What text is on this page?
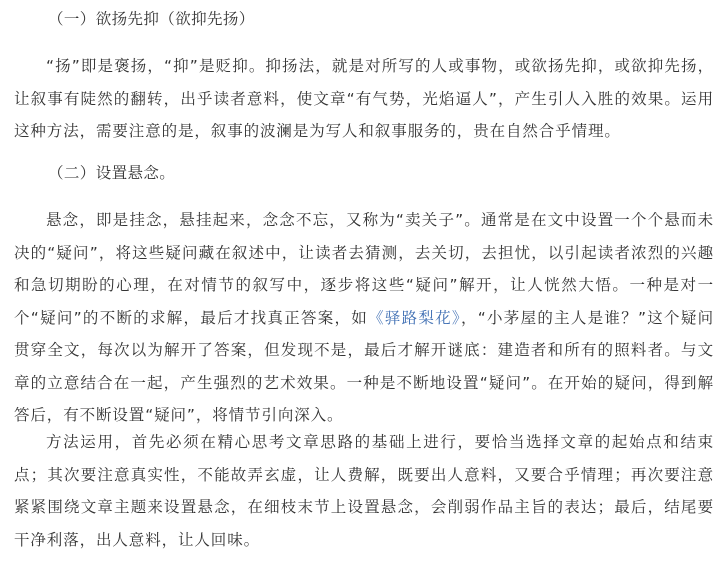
（一）欲扬先抑（欲抑先扬）

“扬”即是褒扬，“抑”是贬抑。抑扬法，就是对所写的人或事物，或欲扬先抑，或欲抑先扬，让叙事有陡然的翻转，出乎读者意料，使文章“有气势，光焰逼人”，产生引人入胜的效果。运用这种方法，需要注意的是，叙事的波澜是为写人和叙事服务的，贵在自然合乎情理。

（二）设置悬念。

悬念，即是挂念，悬挂起来，念念不忘，又称为“卖关子”。通常是在文中设置一个个悬而未决的“疑问”，将这些疑问藏在叙述中，让读者去猜测，去关切，去担忧，以引起读者浓烈的兴趣和急切期盼的心理，在对情节的叙写中，逐步将这些“疑问”解开，让人恍然大悟。一种是对一个“疑问”的不断的求解，最后才找真正答案，如《驿路梨花》，“小茅屋的主人是谁？”这个疑问贯穿全文，每次以为解开了答案，但发现不是，最后才解开谜底：建造者和所有的照料者。与文章的立意结合在一起，产生强烈的艺术效果。一种是不断地设置“疑问”。在开始的疑问，得到解答后，有不断设置“疑问”，将情节引向深入。

方法运用，首先必须在精心思考文章思路的基础上进行，要恰当选择文章的起始点和结束点；其次要注意真实性，不能故弄玄虚，让人费解，既要出人意料，又要合乎情理；再次要注意紧紧围绕文章主题来设置悬念，在细枝末节上设置悬念，会削弱作品主旨的表达；最后，结尾要干净利落，出人意料，让人回味。
